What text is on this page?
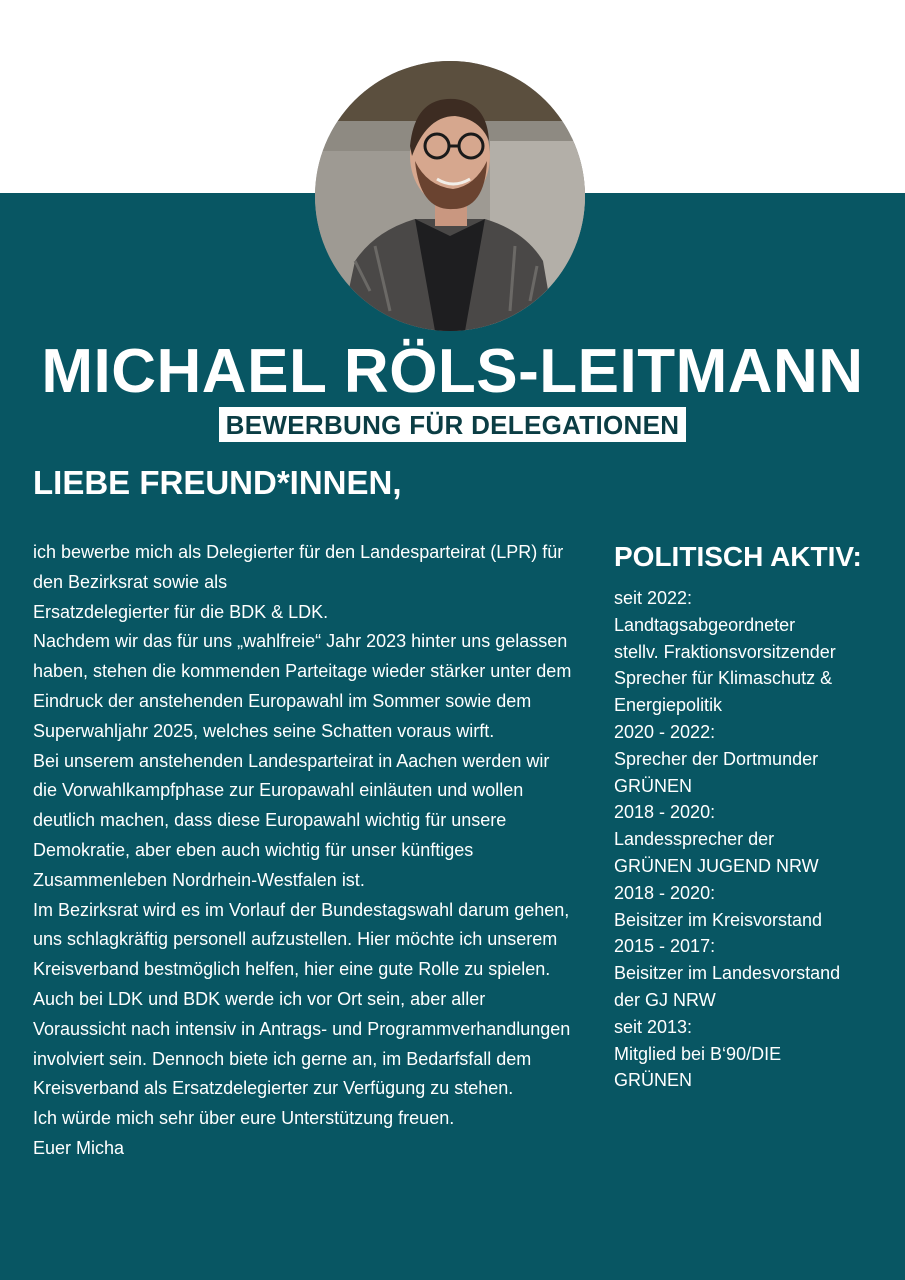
MICHAEL RÖLS-LEITMANN
BEWERBUNG FÜR DELEGATIONEN
LIEBE FREUND*INNEN,

ich bewerbe mich als Delegierter für den Landesparteirat (LPR) für den Bezirksrat sowie als

Ersatzdelegierter für die BDK & LDK.

Nachdem wir das für uns „wahlfreie“ Jahr 2023 hinter uns gelassen haben, stehen die kommenden Parteitage wieder stärker unter dem Eindruck der anstehenden Europawahl im Sommer sowie dem Superwahljahr 2025, welches seine Schatten voraus wirft.

Bei unserem anstehenden Landesparteirat in Aachen werden wir die Vorwahlkampfphase zur Europawahl einläuten und wollen deutlich machen, dass diese Europawahl wichtig für unsere Demokratie, aber eben auch wichtig für unser künftiges Zusammenleben Nordrhein-Westfalen ist.

Im Bezirksrat wird es im Vorlauf der Bundestagswahl darum gehen, uns schlagkräftig personell aufzustellen. Hier möchte ich unserem Kreisverband bestmöglich helfen, hier eine gute Rolle zu spielen.

Auch bei LDK und BDK werde ich vor Ort sein, aber aller Voraussicht nach intensiv in Antrags- und Programmverhandlungen involviert sein. Dennoch biete ich gerne an, im Bedarfsfall dem Kreisverband als Ersatzdelegierter zur Verfügung zu stehen.

Ich würde mich sehr über eure Unterstützung freuen.

Euer Micha

POLITISCH AKTIV:

seit 2022:

Landtagsabgeordneter

stellv. Fraktionsvorsitzender

Sprecher für Klimaschutz &

Energiepolitik

2020 - 2022:

Sprecher der Dortmunder

GRÜNEN

2018 - 2020:

Landessprecher der

GRÜNEN JUGEND NRW

2018 - 2020:

Beisitzer im Kreisvorstand

2015 - 2017:

Beisitzer im Landesvorstand

der GJ NRW

seit 2013:

Mitglied bei B‘90/DIE

GRÜNEN
